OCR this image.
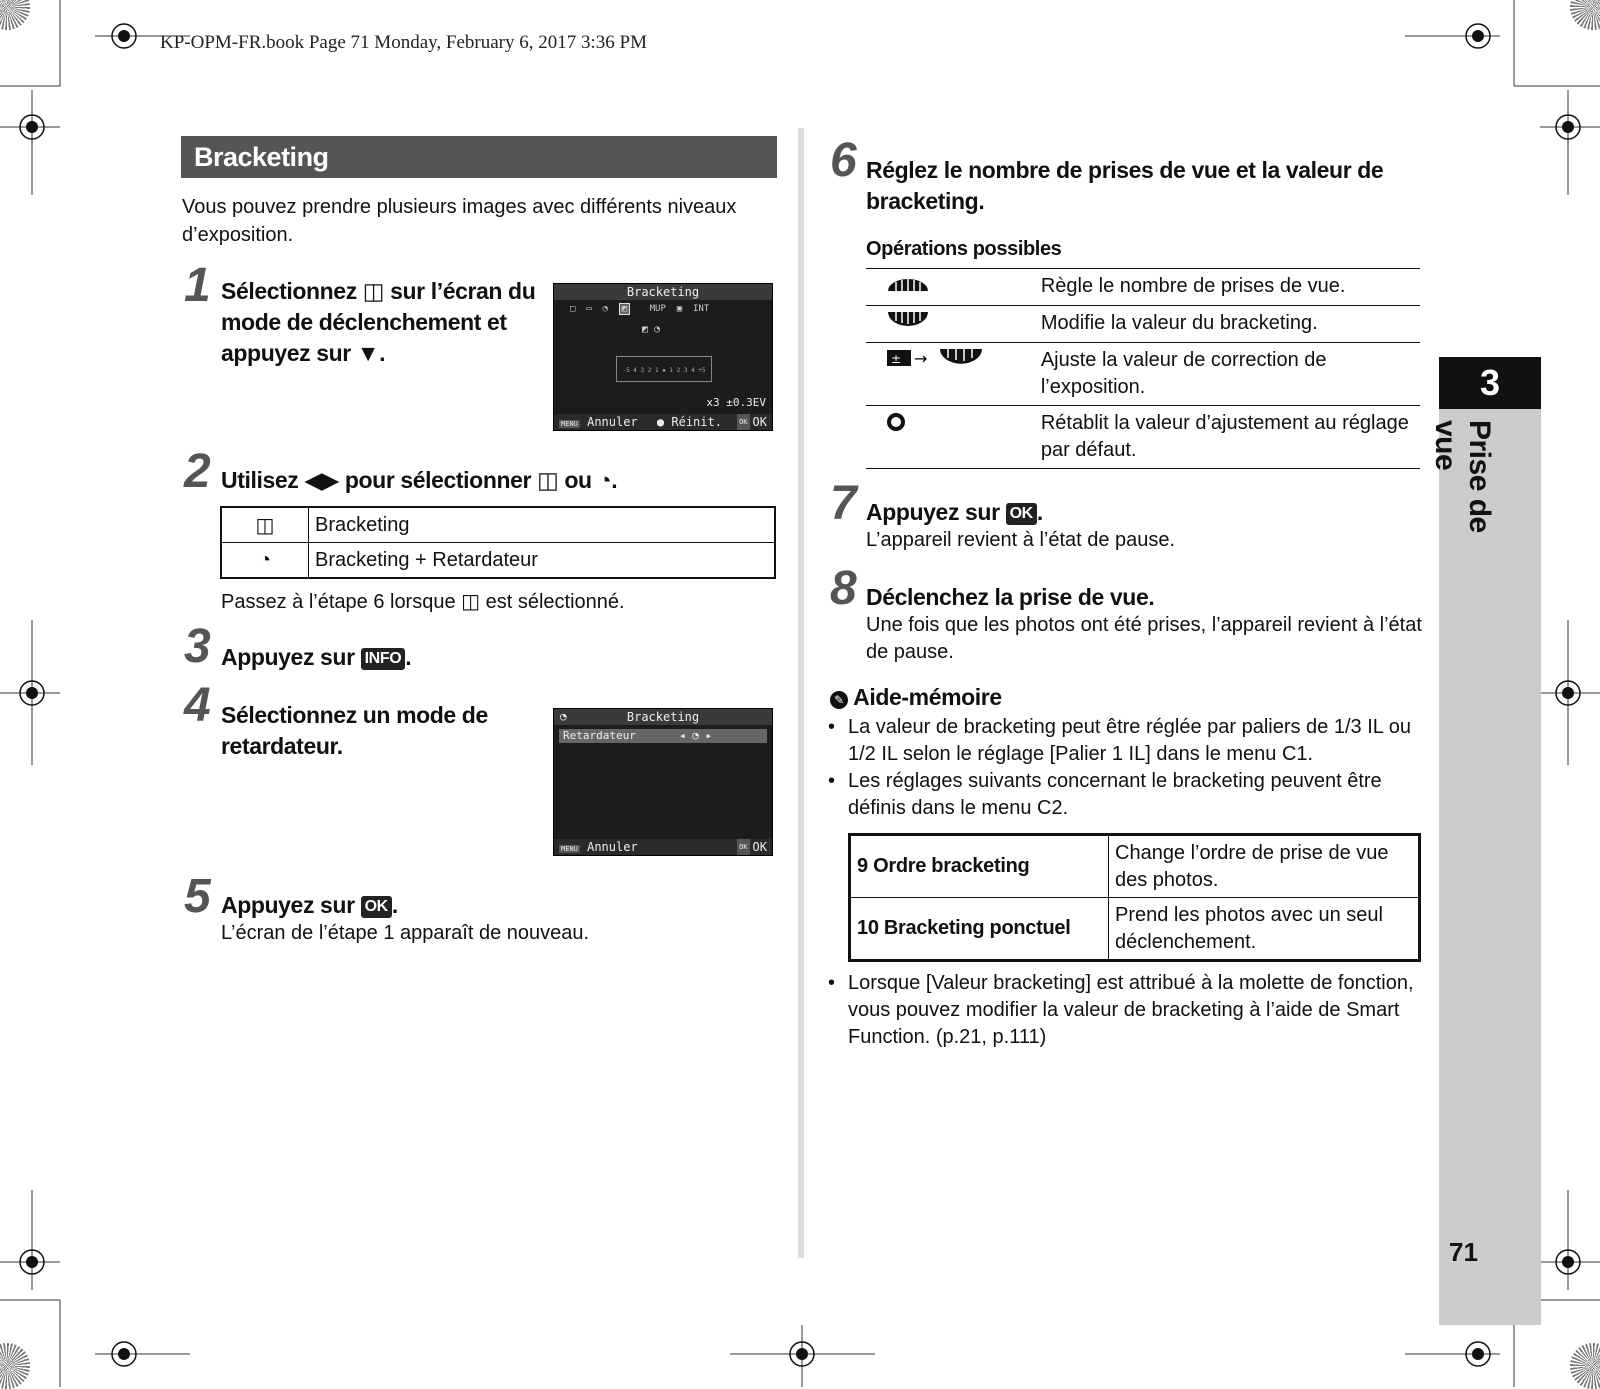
KP-OPM-FR.book Page 71 Monday, February 6, 2017 3:36 PM
Bracketing
Vous pouvez prendre plusieurs images avec différents niveaux d’exposition.
1 Sélectionnez ◫ sur l’écran du mode de déclenchement et appuyez sur ▼.
Bracketing
□  ▭  ◔  ◩ MUP  ▣  INT
◩ ◔
-5 4 3 2 1 ▪ 1 2 3 4 +5
x3 ±0.3EV
MENU Annuler ● Réinit.	OK
OK
2 Utilisez ◀▶ pour sélectionner ◫ ou ◔.
◫	Bracketing
◔	Bracketing + Retardateur
Passez à l’étape 6 lorsque ◫ est sélectionné.
3 Appuyez sur INFO .
4 Sélectionnez un mode de retardateur.
Bracketing
◔
Retardateur	◂ ◔ ▸
MENU Annuler	OK
OK
5 Appuyez sur OK .
L’écran de l’étape 1 apparaît de nouveau.
6 Réglez le nombre de prises de vue et la valeur de bracketing.
Opérations possibles
	Règle le nombre de prises de vue.
	Modifie la valeur du bracketing.

± →	Ajuste la valeur de correction de l’exposition.
	Rétablit la valeur d’ajustement au réglage par défaut.
7 Appuyez sur OK .
L’appareil revient à l’état de pause.
8 Déclenchez la prise de vue.
Une fois que les photos ont été prises, l’appareil revient à l’état de pause.
✎ Aide-mémoire
• La valeur de bracketing peut être réglée par paliers de 1/3 IL ou 1/2 IL selon le réglage [Palier 1 IL] dans le menu C1.
• Les réglages suivants concernant le bracketing peuvent être définis dans le menu C2.
9 Ordre bracketing	Change l’ordre de prise de vue des photos.
10 Bracketing ponctuel	Prend les photos avec un seul déclenchement.
• Lorsque [Valeur bracketing] est attribué à la molette de fonction, vous pouvez modifier la valeur de bracketing à l’aide de Smart Function. (p.21, p.111)
3
Prise de vue
71
